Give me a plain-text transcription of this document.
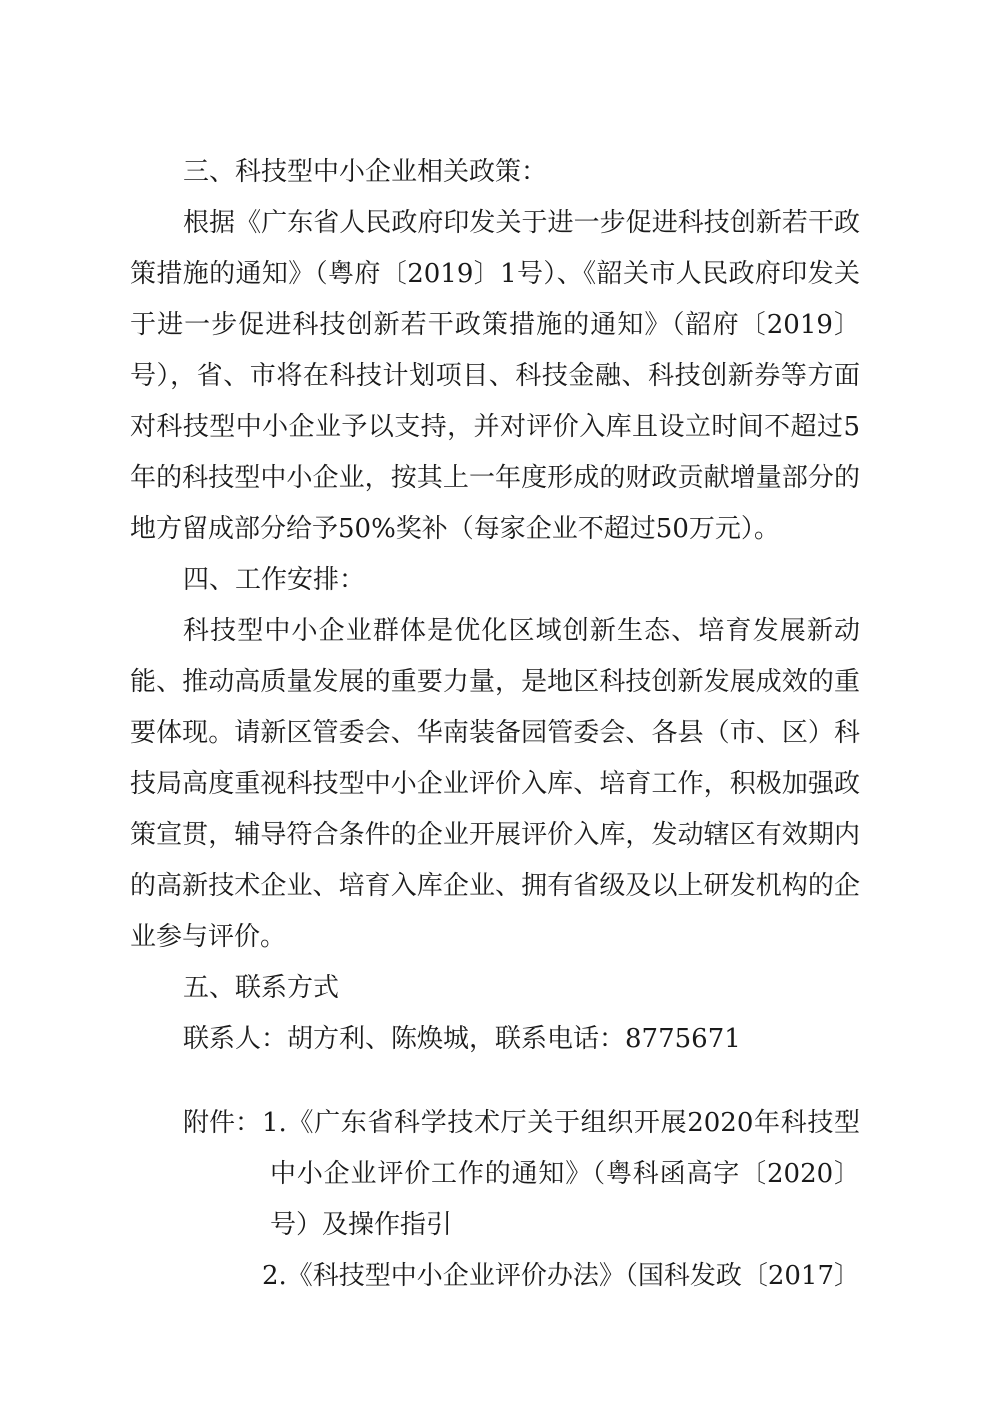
三、科技型中小企业相关政策：

根据《广东省人民政府印发关于进一步促进科技创新若干政

策措施的通知》（粤府〔2019〕1号）、《韶关市人民政府印发关

于进一步促进科技创新若干政策措施的通知》（韶府〔2019〕

号），省、市将在科技计划项目、科技金融、科技创新券等方面

对科技型中小企业予以支持，并对评价入库且设立时间不超过5

年的科技型中小企业，按其上一年度形成的财政贡献增量部分的

地方留成部分给予50%奖补（每家企业不超过50万元）。

四、工作安排：

科技型中小企业群体是优化区域创新生态、培育发展新动

能、推动高质量发展的重要力量，是地区科技创新发展成效的重

要体现。请新区管委会、华南装备园管委会、各县（市、区）科

技局高度重视科技型中小企业评价入库、培育工作，积极加强政

策宣贯，辅导符合条件的企业开展评价入库，发动辖区有效期内

的高新技术企业、培育入库企业、拥有省级及以上研发机构的企

业参与评价。

五、联系方式

联系人：胡方利、陈焕城，联系电话：8775671

附件： 1.《广东省科学技术厅关于组织开展2020年科技型

中小企业评价工作的通知》（粤科函高字〔2020〕

号）及操作指引

2.《科技型中小企业评价办法》（国科发政〔2017〕
